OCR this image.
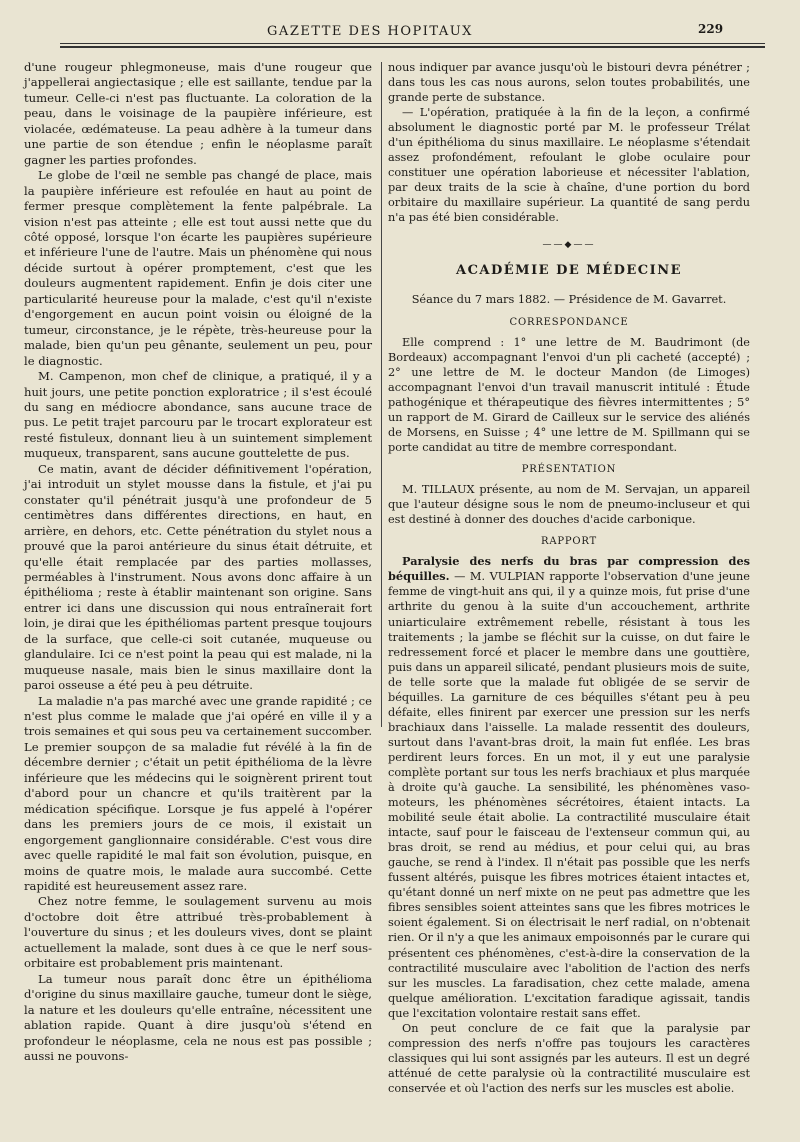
GAZETTE DES HOPITAUX	229

d'une rougeur phlegmoneuse, mais d'une rougeur que j'appellerai angiectasique ; elle est saillante, tendue par la tumeur. Celle-ci n'est pas fluctuante. La coloration de la peau, dans le voisinage de la paupière inférieure, est violacée, œdémateuse. La peau adhère à la tumeur dans une partie de son étendue ; enfin le néoplasme paraît gagner les parties profondes.

Le globe de l'œil ne semble pas changé de place, mais la paupière inférieure est refoulée en haut au point de fermer presque complètement la fente palpébrale. La vision n'est pas atteinte ; elle est tout aussi nette que du côté opposé, lorsque l'on écarte les paupières supérieure et inférieure l'une de l'autre. Mais un phénomène qui nous décide surtout à opérer promptement, c'est que les douleurs augmentent rapidement. Enfin je dois citer une particularité heureuse pour la malade, c'est qu'il n'existe d'engorgement en aucun point voisin ou éloigné de la tumeur, circonstance, je le répète, très-heureuse pour la malade, bien qu'un peu gênante, seulement un peu, pour le diagnostic.

M. Campenon, mon chef de clinique, a pratiqué, il y a huit jours, une petite ponction exploratrice ; il s'est écoulé du sang en médiocre abondance, sans aucune trace de pus. Le petit trajet parcouru par le trocart explorateur est resté fistuleux, donnant lieu à un suintement simplement muqueux, transparent, sans aucune gouttelette de pus.

Ce matin, avant de décider définitivement l'opération, j'ai introduit un stylet mousse dans la fistule, et j'ai pu constater qu'il pénétrait jusqu'à une profondeur de 5 centimètres dans différentes directions, en haut, en arrière, en dehors, etc. Cette pénétration du stylet nous a prouvé que la paroi antérieure du sinus était détruite, et qu'elle était remplacée par des parties mollasses, perméables à l'instrument. Nous avons donc affaire à un épithélioma ; reste à établir maintenant son origine. Sans entrer ici dans une discussion qui nous entraînerait fort loin, je dirai que les épithéliomas partent presque toujours de la surface, que celle-ci soit cutanée, muqueuse ou glandulaire. Ici ce n'est point la peau qui est malade, ni la muqueuse nasale, mais bien le sinus maxillaire dont la paroi osseuse a été peu à peu détruite.

La maladie n'a pas marché avec une grande rapidité ; ce n'est plus comme le malade que j'ai opéré en ville il y a trois semaines et qui sous peu va certainement succomber. Le premier soupçon de sa maladie fut révélé à la fin de décembre dernier ; c'était un petit épithélioma de la lèvre inférieure que les médecins qui le soignèrent prirent tout d'abord pour un chancre et qu'ils traitèrent par la médication spécifique. Lorsque je fus appelé à l'opérer dans les premiers jours de ce mois, il existait un engorgement ganglionnaire considérable. C'est vous dire avec quelle rapidité le mal fait son évolution, puisque, en moins de quatre mois, le malade aura succombé. Cette rapidité est heureusement assez rare.

Chez notre femme, le soulagement survenu au mois d'octobre doit être attribué très-probablement à l'ouverture du sinus ; et les douleurs vives, dont se plaint actuellement la malade, sont dues à ce que le nerf sous-orbitaire est probablement pris maintenant.

La tumeur nous paraît donc être un épithélioma d'origine du sinus maxillaire gauche, tumeur dont le siège, la nature et les douleurs qu'elle entraîne, nécessitent une ablation rapide. Quant à dire jusqu'où s'étend en profondeur le néoplasme, cela ne nous est pas possible ; aussi ne pouvons-

nous indiquer par avance jusqu'où le bistouri devra pénétrer ; dans tous les cas nous aurons, selon toutes probabilités, une grande perte de substance.

— L'opération, pratiquée à la fin de la leçon, a confirmé absolument le diagnostic porté par M. le professeur Trélat d'un épithélioma du sinus maxillaire. Le néoplasme s'étendait assez profondément, refoulant le globe oculaire pour constituer une opération laborieuse et nécessiter l'ablation, par deux traits de la scie à chaîne, d'une portion du bord orbitaire du maxillaire supérieur. La quantité de sang perdu n'a pas été bien considérable.

——◆——
ACADÉMIE DE MÉDECINE
Séance du 7 mars 1882. — Présidence de M. Gavarret.
CORRESPONDANCE

Elle comprend : 1° une lettre de M. Baudrimont (de Bordeaux) accompagnant l'envoi d'un pli cacheté (accepté) ; 2° une lettre de M. le docteur Mandon (de Limoges) accompagnant l'envoi d'un travail manuscrit intitulé : Étude pathogénique et thérapeutique des fièvres intermittentes ; 5° un rapport de M. Girard de Cailleux sur le service des aliénés de Morsens, en Suisse ; 4° une lettre de M. Spillmann qui se porte candidat au titre de membre correspondant.

PRÉSENTATION

M. TILLAUX présente, au nom de M. Servajan, un appareil que l'auteur désigne sous le nom de pneumo-incluseur et qui est destiné à donner des douches d'acide carbonique.

RAPPORT

Paralysie des nerfs du bras par compression des béquilles. — M. VULPIAN rapporte l'observation d'une jeune femme de vingt-huit ans qui, il y a quinze mois, fut prise d'une arthrite du genou à la suite d'un accouchement, arthrite uniarticulaire extrêmement rebelle, résistant à tous les traitements ; la jambe se fléchit sur la cuisse, on dut faire le redressement forcé et placer le membre dans une gouttière, puis dans un appareil silicaté, pendant plusieurs mois de suite, de telle sorte que la malade fut obligée de se servir de béquilles. La garniture de ces béquilles s'étant peu à peu défaite, elles finirent par exercer une pression sur les nerfs brachiaux dans l'aisselle. La malade ressentit des douleurs, surtout dans l'avant-bras droit, la main fut enflée. Les bras perdirent leurs forces. En un mot, il y eut une paralysie complète portant sur tous les nerfs brachiaux et plus marquée à droite qu'à gauche. La sensibilité, les phénomènes vaso-moteurs, les phénomènes sécrétoires, étaient intacts. La mobilité seule était abolie. La contractilité musculaire était intacte, sauf pour le faisceau de l'extenseur commun qui, au bras droit, se rend au médius, et pour celui qui, au bras gauche, se rend à l'index. Il n'était pas possible que les nerfs fussent altérés, puisque les fibres motrices étaient intactes et, qu'étant donné un nerf mixte on ne peut pas admettre que les fibres sensibles soient atteintes sans que les fibres motrices le soient également. Si on électrisait le nerf radial, on n'obtenait rien. Or il n'y a que les animaux empoisonnés par le curare qui présentent ces phénomènes, c'est-à-dire la conservation de la contractilité musculaire avec l'abolition de l'action des nerfs sur les muscles. La faradisation, chez cette malade, amena quelque amélioration. L'excitation faradique agissait, tandis que l'excitation volontaire restait sans effet.

On peut conclure de ce fait que la paralysie par compression des nerfs n'offre pas toujours les caractères classiques qui lui sont assignés par les auteurs. Il est un degré atténué de cette paralysie où la contractilité musculaire est conservée et où l'action des nerfs sur les muscles est abolie.
